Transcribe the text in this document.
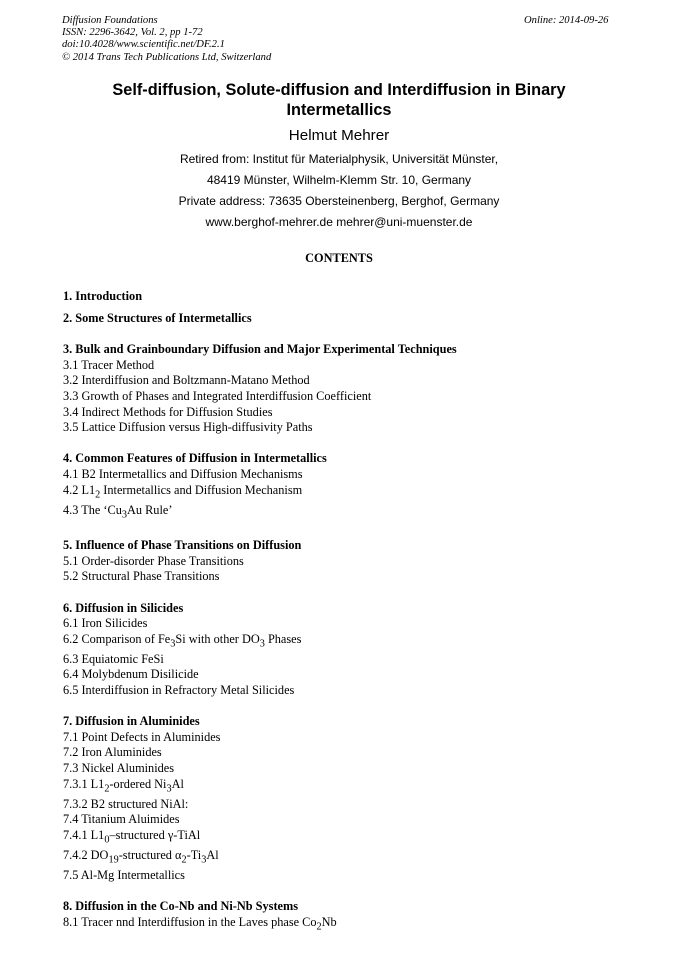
Diffusion Foundations
ISSN: 2296-3642, Vol. 2, pp 1-72
doi:10.4028/www.scientific.net/DF.2.1
© 2014 Trans Tech Publications Ltd, Switzerland
Online: 2014-09-26
Self-diffusion, Solute-diffusion and Interdiffusion in Binary
Intermetallics
Helmut Mehrer
Retired from: Institut für Materialphysik, Universität Münster,
48419 Münster, Wilhelm-Klemm Str. 10, Germany
Private address: 73635 Obersteinenberg, Berghof, Germany
www.berghof-mehrer.de mehrer@uni-muenster.de
CONTENTS
1. Introduction
2. Some Structures of Intermetallics
3. Bulk and Grainboundary Diffusion and Major Experimental Techniques
3.1 Tracer Method
3.2 Interdiffusion and Boltzmann-Matano Method
3.3 Growth of Phases and Integrated Interdiffusion Coefficient
3.4 Indirect Methods for Diffusion Studies
3.5 Lattice Diffusion versus High-diffusivity Paths
4. Common Features of Diffusion in Intermetallics
4.1 B2 Intermetallics and Diffusion Mechanisms
4.2 $L1_2$ Intermetallics and Diffusion Mechanism
4.3 The ‘$Cu_3Au$ Rule’
5. Influence of Phase Transitions on Diffusion
5.1 Order-disorder Phase Transitions
5.2 Structural Phase Transitions
6. Diffusion in Silicides
6.1 Iron Silicides
6.2 Comparison of $Fe_3Si$ with other $DO_3$ Phases
6.3 Equiatomic FeSi
6.4 Molybdenum Disilicide
6.5 Interdiffusion in Refractory Metal Silicides
7. Diffusion in Aluminides
7.1 Point Defects in Aluminides
7.2 Iron Aluminides
7.3 Nickel Aluminides
7.3.1 $L1_2$-ordered $Ni_3Al$
7.3.2 B2 structured NiAl:
7.4 Titanium Aluimides
7.4.1 $L1_0$–structured γ-TiAl
7.4.2 $DO_{19}$-structured $\alpha_2-Ti_3Al$
7.5 Al-Mg Intermetallics
8. Diffusion in the Co-Nb and Ni-Nb Systems
8.1 Tracer nnd Interdiffusion in the Laves phase $Co_2Nb$
